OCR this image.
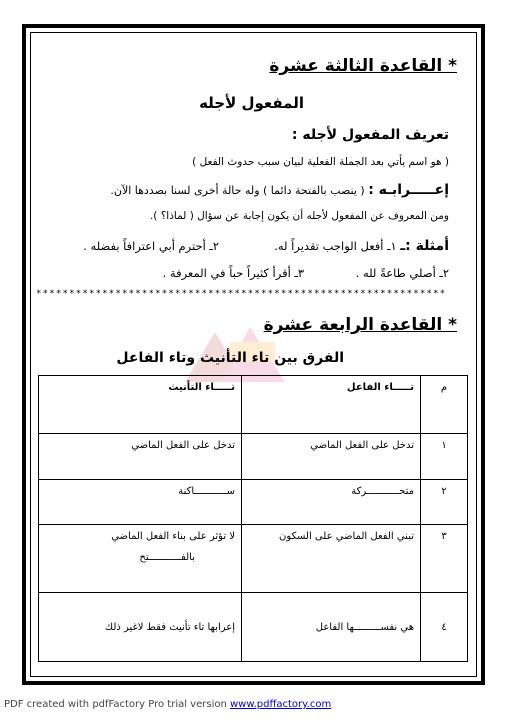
* القاعدة الثالثة عشرة
المفعول لأجله
تعريف المفعول لأجله :
( هو اسم يأتي بعد الجملة الفعلية لبيان سبب حدوث الفعل )
إعـــــرابـه : ( ينصب بالفتحة دائما ) وله حالة أخرى لسنا بصددها الآن.
ومن المعروف عن المفعول لأجله أن يكون إجابة عن سؤال ( لماذا؟ ).
أمثلة :ـ ١ـ أفعل الواجب تقديراً له.
٢ـ أحترم أبي اعترافاً بفضله .
٢ـ أصلي طاعةً لله .
٣ـ أقرأ كثيراً حباً في المعرفة .
**************************************************************
* القاعدة الرابعة عشرة
الفرق بين تاء التأنيث وتاء الفاعل
م	تـــــاء الفاعل	تـــــاء التأنيث
١	تدخل على الفعل الماضي	تدخل على الفعل الماضي
٢	متحـــــــــــركة	ســـــــــــاكنة
٣	تبني الفعل الماضي على السكون	لا تؤثر على بناء الفعل الماضي
بالفـــــــــــتح

٤	هي نفســـــــــها الفاعل	إعرابها تاء تأنيث فقط لاغير ذلك
PDF created with pdfFactory Pro trial version www.pdffactory.com
